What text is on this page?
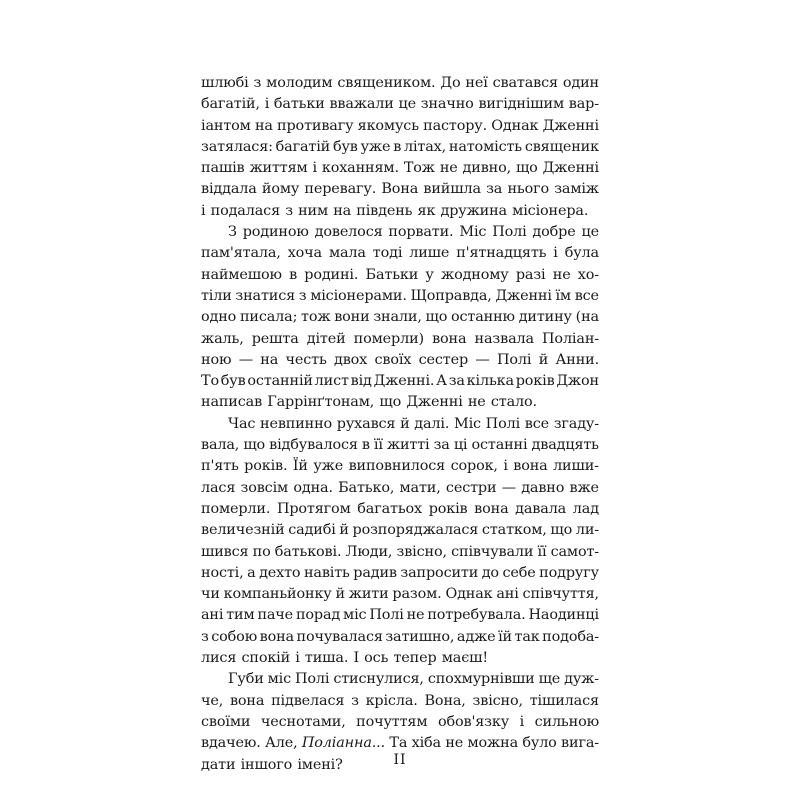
шлюбі з молодим священиком. До неї сватався один
багатій, і батьки вважали це значно вигіднішим вар-
іантом на противагу якомусь пастору. Однак Дженні
затялася: багатій був уже в літах, натомість священик
пашів життям і коханням. Тож не дивно, що Дженні
віддала йому перевагу. Вона вийшла за нього заміж
і подалася з ним на південь як дружина місіонера.
З родиною довелося порвати. Міс Полі добре це
пам'ятала, хоча мала тоді лише п'ятнадцять і була
наймешою в родині. Батьки у жодному разі не хо-
тіли знатися з місіонерами. Щоправда, Дженні їм все
одно писала; тож вони знали, що останню дитину (на
жаль, решта дітей померли) вона назвала Поліан-
ною — на честь двох своїх сестер — Полі й Анни.
То був останній лист від Дженні. А за кілька років Джон
написав Гаррінґтонам, що Дженні не стало.
Час невпинно рухався й далі. Міс Полі все згаду-
вала, що відбувалося в її житті за ці останні двадцять
п'ять років. Їй уже виповнилося сорок, і вона лиши-
лася зовсім одна. Батько, мати, сестри — давно вже
померли. Протягом багатьох років вона давала лад
величезній садибі й розпоряджалася статком, що ли-
шився по батькові. Люди, звісно, співчували її самот-
ності, а дехто навіть радив запросити до себе подругу
чи компаньйонку й жити разом. Однак ані співчуття,
ані тим паче порад міс Полі не потребувала. Наодинці
з собою вона почувалася затишно, адже їй так подоба-
лися спокій і тиша. І ось тепер маєш!
Губи міс Полі стиснулися, спохмурнівши ще дуж-
че, вона підвелася з крісла. Вона, звісно, тішилася
своїми чеснотами, почуттям обов'язку і сильною
вдачею. Але, Поліанна... Та хіба не можна було вига-
дати іншого імені?	II
